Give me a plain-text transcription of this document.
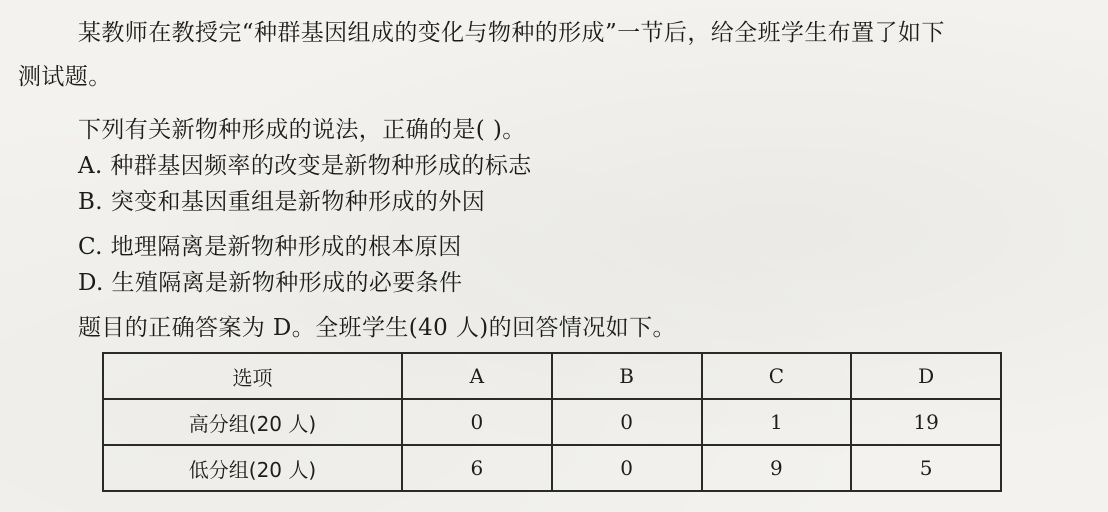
某教师在教授完“种群基因组成的变化与物种的形成”一节后，给全班学生布置了如下
测试题。
下列有关新物种形成的说法，正确的是( )。
A. 种群基因频率的改变是新物种形成的标志
B. 突变和基因重组是新物种形成的外因
C. 地理隔离是新物种形成的根本原因
D. 生殖隔离是新物种形成的必要条件
题目的正确答案为 D。全班学生(40 人)的回答情况如下。
选项	A	B	C	D
高分组(20 人)	0	0	1	19
低分组(20 人)	6	0	9	5
